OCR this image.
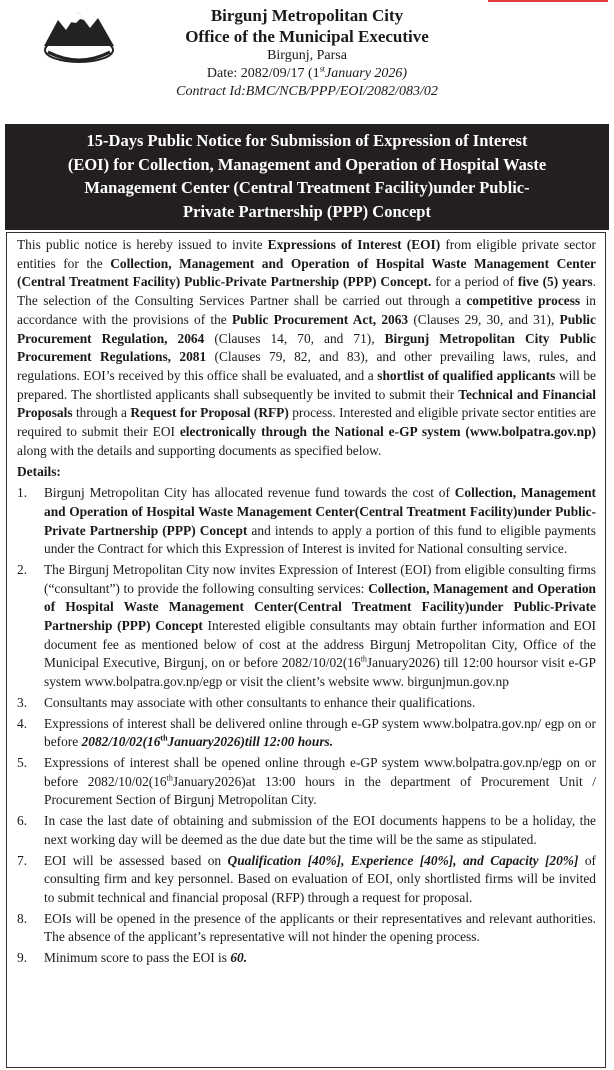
Birgunj Metropolitan City
Office of the Municipal Executive
Birgunj, Parsa
Date: 2082/09/17 (1stJanuary 2026)
Contract Id:BMC/NCB/PPP/EOI/2082/083/02
15-Days Public Notice for Submission of Expression of Interest
(EOI) for Collection, Management and Operation of Hospital Waste
Management Center (Central Treatment Facility)under Public-
Private Partnership (PPP) Concept
This public notice is hereby issued to invite Expressions of Interest (EOI) from eligible private sector entities for the Collection, Management and Operation of Hospital Waste Management Center (Central Treatment Facility) Public-Private Partnership (PPP) Concept. for a period of five (5) years. The selection of the Consulting Services Partner shall be carried out through a competitive process in accordance with the provisions of the Public Procurement Act, 2063 (Clauses 29, 30, and 31), Public Procurement Regulation, 2064 (Clauses 14, 70, and 71), Birgunj Metropolitan City Public Procurement Regulations, 2081 (Clauses 79, 82, and 83), and other prevailing laws, rules, and regulations. EOI’s received by this office shall be evaluated, and a shortlist of qualified applicants will be prepared. The shortlisted applicants shall subsequently be invited to submit their Technical and Financial Proposals through a Request for Proposal (RFP) process. Interested and eligible private sector entities are required to submit their EOI electronically through the National e-GP system (www.bolpatra.gov.np) along with the details and supporting documents as specified below.
Details:
1. Birgunj Metropolitan City has allocated revenue fund towards the cost of Collection, Management and Operation of Hospital Waste Management Center(Central Treatment Facility)under Public-Private Partnership (PPP) Concept and intends to apply a portion of this fund to eligible payments under the Contract for which this Expression of Interest is invited for National consulting service.
2. The Birgunj Metropolitan City now invites Expression of Interest (EOI) from eligible consulting firms (“consultant”) to provide the following consulting services: Collection, Management and Operation of Hospital Waste Management Center(Central Treatment Facility)under Public-Private Partnership (PPP) Concept Interested eligible consultants may obtain further information and EOI document fee as mentioned below of cost at the address Birgunj Metropolitan City, Office of the Municipal Executive, Birgunj, on or before 2082/10/02(16thJanuary2026) till 12:00 hoursor visit e-GP system www.bolpatra.gov.np/egp or visit the client’s website www. birgunjmun.gov.np
3. Consultants may associate with other consultants to enhance their qualifications.
4. Expressions of interest shall be delivered online through e-GP system www.bolpatra.gov.np/ egp on or before 2082/10/02(16thJanuary2026)till 12:00 hours.
5. Expressions of interest shall be opened online through e-GP system www.bolpatra.gov.np/egp on or before 2082/10/02(16thJanuary2026)at 13:00 hours in the department of Procurement Unit / Procurement Section of Birgunj Metropolitan City.
6. In case the last date of obtaining and submission of the EOI documents happens to be a holiday, the next working day will be deemed as the due date but the time will be the same as stipulated.
7. EOI will be assessed based on Qualification [40%], Experience [40%], and Capacity [20%] of consulting firm and key personnel. Based on evaluation of EOI, only shortlisted firms will be invited to submit technical and financial proposal (RFP) through a request for proposal.
8. EOIs will be opened in the presence of the applicants or their representatives and relevant authorities. The absence of the applicant’s representative will not hinder the opening process.
9. Minimum score to pass the EOI is 60.
